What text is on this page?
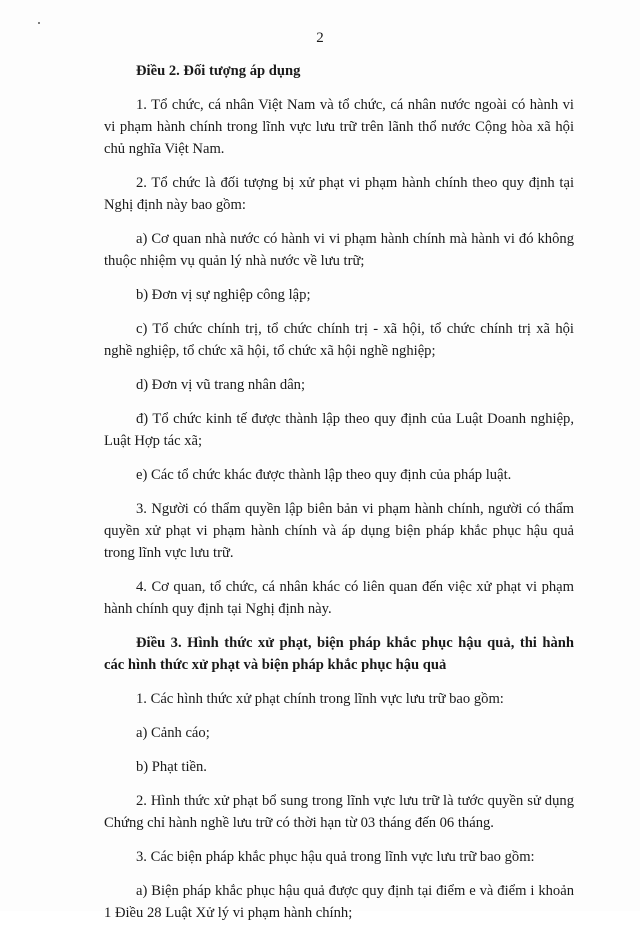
2
Điều 2. Đối tượng áp dụng
1. Tổ chức, cá nhân Việt Nam và tổ chức, cá nhân nước ngoài có hành vi vi phạm hành chính trong lĩnh vực lưu trữ trên lãnh thổ nước Cộng hòa xã hội chủ nghĩa Việt Nam.
2. Tổ chức là đối tượng bị xử phạt vi phạm hành chính theo quy định tại Nghị định này bao gồm:
a) Cơ quan nhà nước có hành vi vi phạm hành chính mà hành vi đó không thuộc nhiệm vụ quản lý nhà nước về lưu trữ;
b) Đơn vị sự nghiệp công lập;
c) Tổ chức chính trị, tổ chức chính trị - xã hội, tổ chức chính trị xã hội nghề nghiệp, tổ chức xã hội, tổ chức xã hội nghề nghiệp;
d) Đơn vị vũ trang nhân dân;
đ) Tổ chức kinh tế được thành lập theo quy định của Luật Doanh nghiệp, Luật Hợp tác xã;
e) Các tổ chức khác được thành lập theo quy định của pháp luật.
3. Người có thẩm quyền lập biên bản vi phạm hành chính, người có thẩm quyền xử phạt vi phạm hành chính và áp dụng biện pháp khắc phục hậu quả trong lĩnh vực lưu trữ.
4. Cơ quan, tổ chức, cá nhân khác có liên quan đến việc xử phạt vi phạm hành chính quy định tại Nghị định này.
Điều 3. Hình thức xử phạt, biện pháp khắc phục hậu quả, thi hành các hình thức xử phạt và biện pháp khắc phục hậu quả
1. Các hình thức xử phạt chính trong lĩnh vực lưu trữ bao gồm:
a) Cảnh cáo;
b) Phạt tiền.
2. Hình thức xử phạt bổ sung trong lĩnh vực lưu trữ là tước quyền sử dụng Chứng chỉ hành nghề lưu trữ có thời hạn từ 03 tháng đến 06 tháng.
3. Các biện pháp khắc phục hậu quả trong lĩnh vực lưu trữ bao gồm:
a) Biện pháp khắc phục hậu quả được quy định tại điểm e và điểm i khoản 1 Điều 28 Luật Xử lý vi phạm hành chính;
